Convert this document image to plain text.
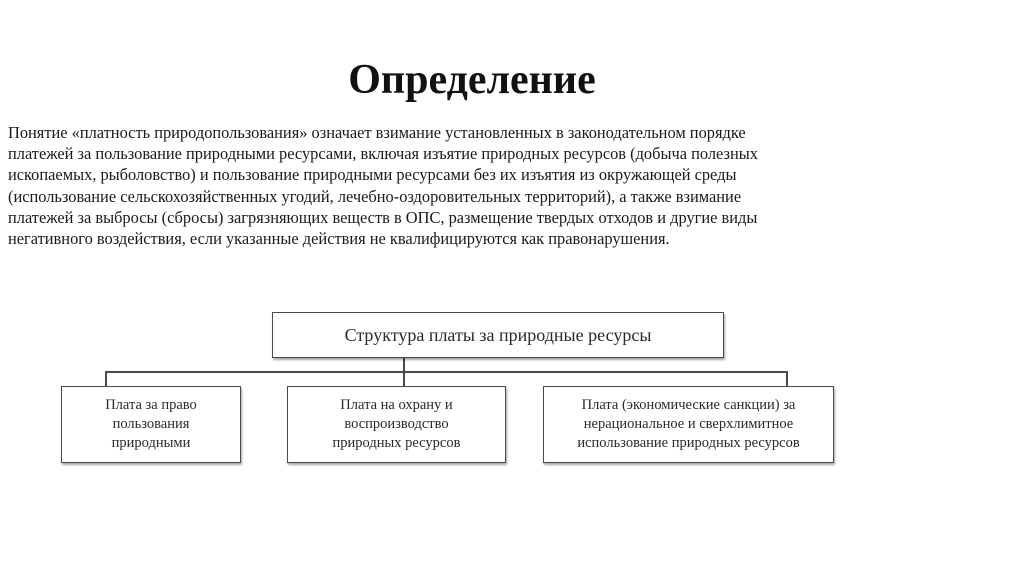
Определение
Понятие «платность природопользования» означает взимание установленных в законодательном порядке
платежей за пользование природными ресурсами, включая изъятие природных ресурсов (добыча полезных
ископаемых, рыболовство) и пользование природными ресурсами без их изъятия из окружающей среды
(использование сельскохозяйственных угодий, лечебно-оздоровительных территорий), а также взимание
платежей за выбросы (сбросы) загрязняющих веществ в ОПС, размещение твердых отходов и другие виды
негативного воздействия, если указанные действия не квалифицируются как правонарушения.
Структура платы за природные ресурсы
Плата за право
пользования
природными
Плата на охрану и
воспроизводство
природных ресурсов
Плата (экономические санкции) за
нерациональное и сверхлимитное
использование природных ресурсов
